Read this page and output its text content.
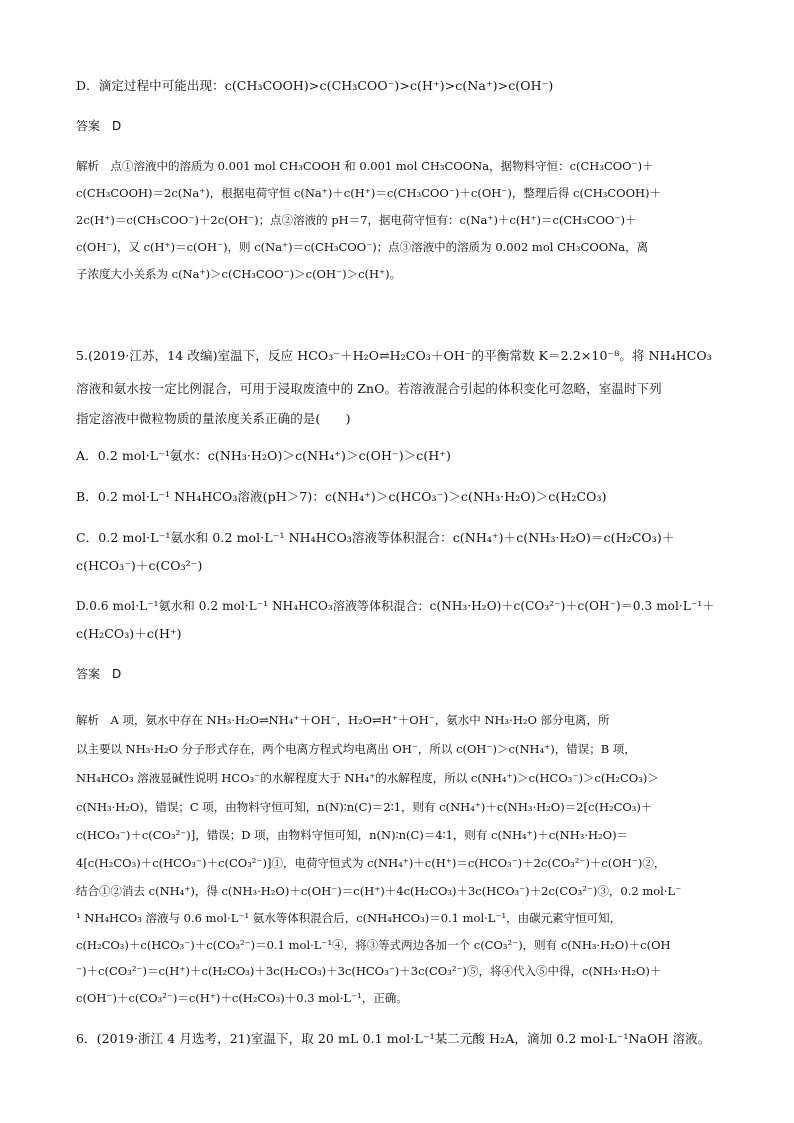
D．滴定过程中可能出现：c(CH₃COOH)>c(CH₃COO⁻)>c(H⁺)>c(Na⁺)>c(OH⁻)
答案　D
解析　点①溶液中的溶质为 0.001 mol CH₃COOH 和 0.001 mol CH₃COONa，据物料守恒：c(CH₃COO⁻)＋
c(CH₃COOH)＝2c(Na⁺)，根据电荷守恒 c(Na⁺)＋c(H⁺)＝c(CH₃COO⁻)＋c(OH⁻)，整理后得 c(CH₃COOH)＋
2c(H⁺)＝c(CH₃COO⁻)＋2c(OH⁻)；点②溶液的 pH＝7，据电荷守恒有：c(Na⁺)＋c(H⁺)＝c(CH₃COO⁻)＋
c(OH⁻)，又 c(H⁺)＝c(OH⁻)，则 c(Na⁺)＝c(CH₃COO⁻)；点③溶液中的溶质为 0.002 mol CH₃COONa，离
子浓度大小关系为 c(Na⁺)＞c(CH₃COO⁻)＞c(OH⁻)＞c(H⁺)。
5.(2019·江苏，14 改编)室温下，反应 HCO₃⁻＋H₂O⇌H₂CO₃＋OH⁻的平衡常数 K＝2.2×10⁻⁸。将 NH₄HCO₃
溶液和氨水按一定比例混合，可用于浸取废渣中的 ZnO。若溶液混合引起的体积变化可忽略，室温时下列
指定溶液中微粒物质的量浓度关系正确的是(　　)
A．0.2 mol·L⁻¹氨水：c(NH₃·H₂O)＞c(NH₄⁺)＞c(OH⁻)＞c(H⁺)
B．0.2 mol·L⁻¹ NH₄HCO₃溶液(pH＞7)：c(NH₄⁺)＞c(HCO₃⁻)＞c(NH₃·H₂O)＞c(H₂CO₃)
C．0.2 mol·L⁻¹氨水和 0.2 mol·L⁻¹ NH₄HCO₃溶液等体积混合：c(NH₄⁺)＋c(NH₃·H₂O)＝c(H₂CO₃)＋
c(HCO₃⁻)＋c(CO₃²⁻)
D.0.6 mol·L⁻¹氨水和 0.2 mol·L⁻¹ NH₄HCO₃溶液等体积混合：c(NH₃·H₂O)＋c(CO₃²⁻)＋c(OH⁻)＝0.3 mol·L⁻¹＋
c(H₂CO₃)＋c(H⁺)
答案　D
解析　A 项，氨水中存在 NH₃·H₂O⇌NH₄⁺＋OH⁻，H₂O⇌H⁺＋OH⁻，氨水中 NH₃·H₂O 部分电离，所
以主要以 NH₃·H₂O 分子形式存在，两个电离方程式均电离出 OH⁻，所以 c(OH⁻)＞c(NH₄⁺)，错误；B 项，
NH₄HCO₃ 溶液显碱性说明 HCO₃⁻的水解程度大于 NH₄⁺的水解程度，所以 c(NH₄⁺)＞c(HCO₃⁻)＞c(H₂CO₃)＞
c(NH₃·H₂O)，错误；C 项，由物料守恒可知，n(N)∶n(C)＝2∶1，则有 c(NH₄⁺)＋c(NH₃·H₂O)＝2[c(H₂CO₃)＋
c(HCO₃⁻)＋c(CO₃²⁻)]，错误；D 项，由物料守恒可知，n(N)∶n(C)＝4∶1，则有 c(NH₄⁺)＋c(NH₃·H₂O)＝
4[c(H₂CO₃)＋c(HCO₃⁻)＋c(CO₃²⁻)]①，电荷守恒式为 c(NH₄⁺)＋c(H⁺)＝c(HCO₃⁻)＋2c(CO₃²⁻)＋c(OH⁻)②，
结合①②消去 c(NH₄⁺)，得 c(NH₃·H₂O)＋c(OH⁻)＝c(H⁺)＋4c(H₂CO₃)＋3c(HCO₃⁻)＋2c(CO₃²⁻)③，0.2 mol·L⁻
¹ NH₄HCO₃ 溶液与 0.6 mol·L⁻¹ 氨水等体积混合后，c(NH₄HCO₃)＝0.1 mol·L⁻¹，由碳元素守恒可知，
c(H₂CO₃)＋c(HCO₃⁻)＋c(CO₃²⁻)＝0.1 mol·L⁻¹④，将③等式两边各加一个 c(CO₃²⁻)，则有 c(NH₃·H₂O)＋c(OH
⁻)＋c(CO₃²⁻)＝c(H⁺)＋c(H₂CO₃)＋3c(H₂CO₃)＋3c(HCO₃⁻)＋3c(CO₃²⁻)⑤，将④代入⑤中得，c(NH₃·H₂O)＋
c(OH⁻)＋c(CO₃²⁻)＝c(H⁺)＋c(H₂CO₃)＋0.3 mol·L⁻¹，正确。
6．(2019·浙江 4 月选考，21)室温下，取 20 mL 0.1 mol·L⁻¹某二元酸 H₂A，滴加 0.2 mol·L⁻¹NaOH 溶液。
